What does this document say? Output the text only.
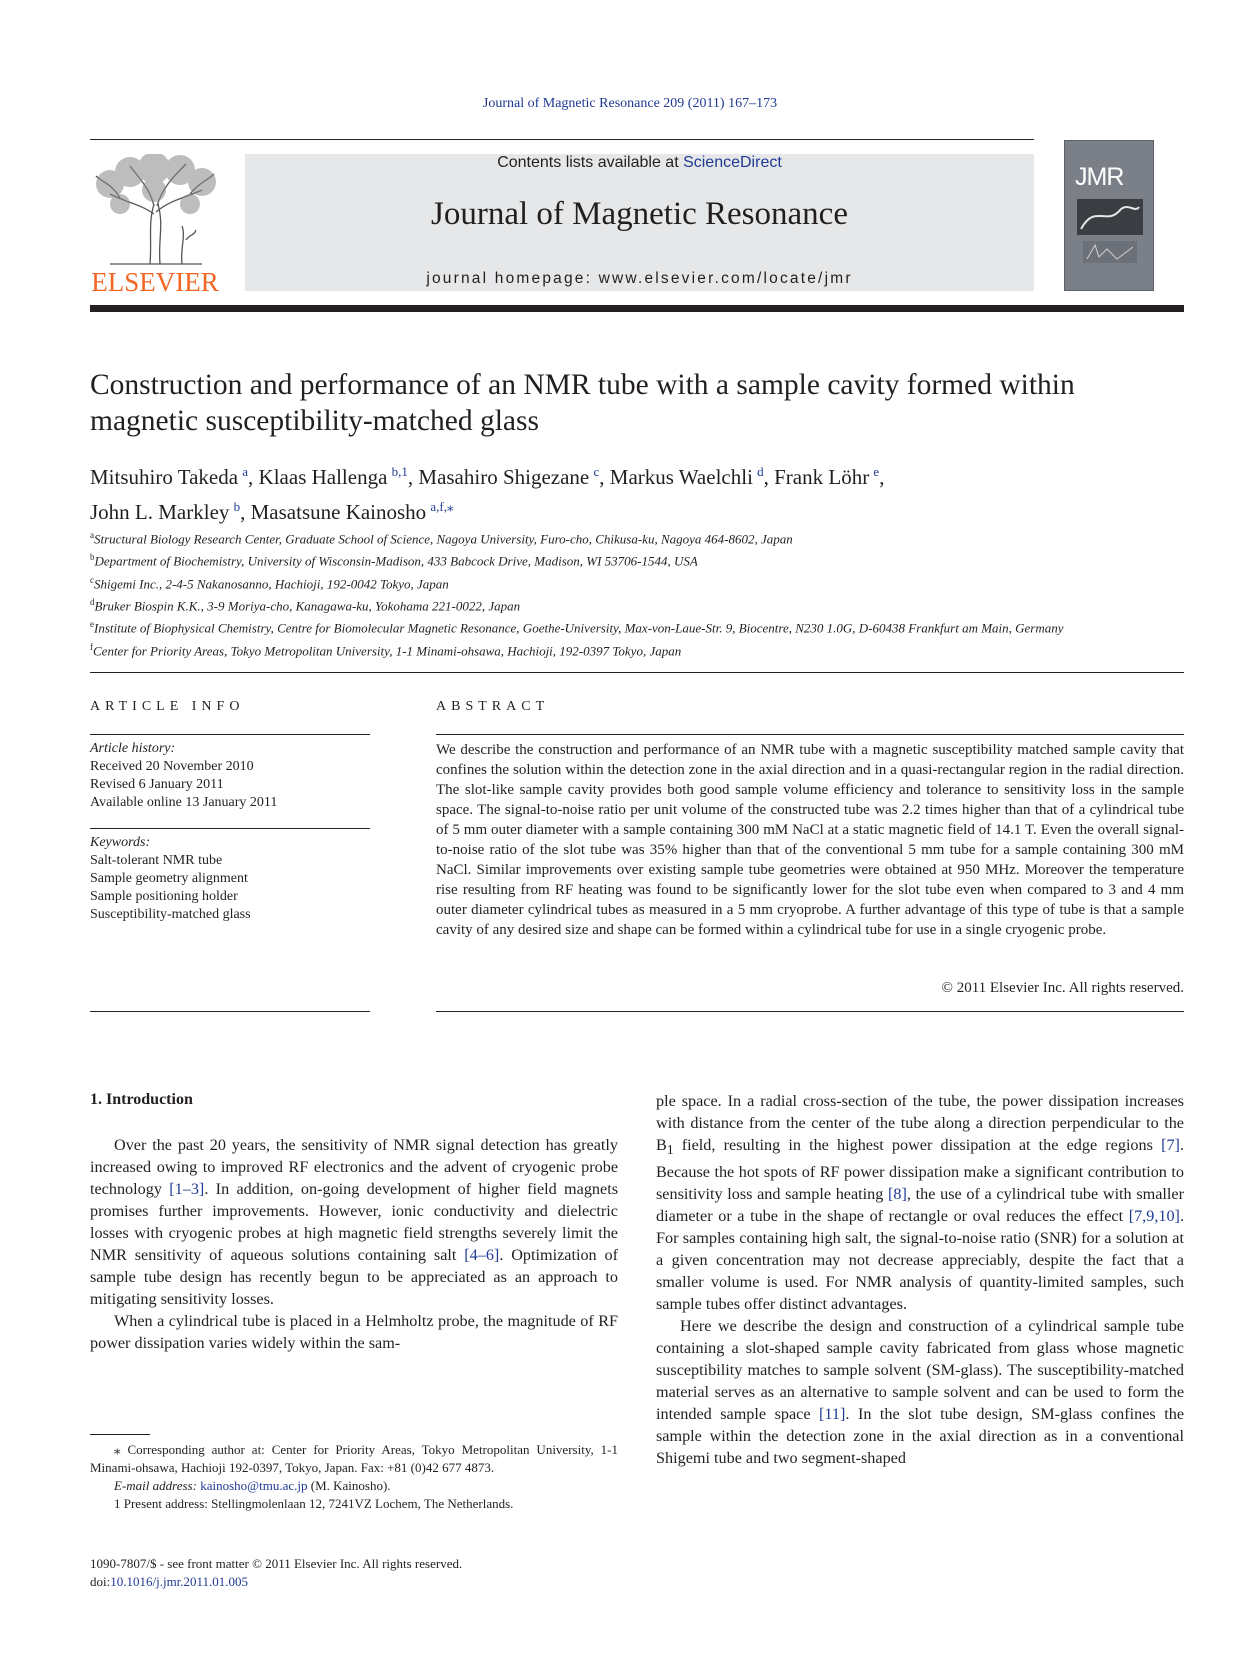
Journal of Magnetic Resonance 209 (2011) 167–173
ELSEVIER
Contents lists available at ScienceDirect
Journal of Magnetic Resonance
journal homepage: www.elsevier.com/locate/jmr
JMR
Construction and performance of an NMR tube with a sample cavity formed within magnetic susceptibility-matched glass
Mitsuhiro Takeda  $^a$, Klaas Hallenga  $^{b,1}$, Masahiro Shigezane  $^c$, Markus Waelchli  $^d$, Frank Löhr  $^e$,
John L. Markley  $^b$, Masatsune Kainosho  $^{a,f,⁎}$
$^a$Structural Biology Research Center, Graduate School of Science, Nagoya University, Furo-cho, Chikusa-ku, Nagoya 464-8602, Japan
$^b$Department of Biochemistry, University of Wisconsin-Madison, 433 Babcock Drive, Madison, WI 53706-1544, USA
$^c$Shigemi Inc., 2-4-5 Nakanosanno, Hachioji, 192-0042 Tokyo, Japan
$^d$Bruker Biospin K.K., 3-9 Moriya-cho, Kanagawa-ku, Yokohama 221-0022, Japan
$^e$Institute of Biophysical Chemistry, Centre for Biomolecular Magnetic Resonance, Goethe-University, Max-von-Laue-Str. 9, Biocentre, N230 1.0G, D-60438 Frankfurt am Main, Germany
$^f$Center for Priority Areas, Tokyo Metropolitan University, 1-1 Minami-ohsawa, Hachioji, 192-0397 Tokyo, Japan
ARTICLE INFO
Article history:
Received 20 November 2010
Revised 6 January 2011
Available online 13 January 2011
Keywords:
Salt-tolerant NMR tube
Sample geometry alignment
Sample positioning holder
Susceptibility-matched glass
ABSTRACT
We describe the construction and performance of an NMR tube with a magnetic susceptibility matched sample cavity that confines the solution within the detection zone in the axial direction and in a quasi-rectangular region in the radial direction. The slot-like sample cavity provides both good sample volume efficiency and tolerance to sensitivity loss in the sample space. The signal-to-noise ratio per unit volume of the constructed tube was 2.2 times higher than that of a cylindrical tube of 5 mm outer diameter with a sample containing 300 mM NaCl at a static magnetic field of 14.1 T. Even the overall signal-to-noise ratio of the slot tube was 35% higher than that of the conventional 5 mm tube for a sample containing 300 mM NaCl. Similar improvements over existing sample tube geometries were obtained at 950 MHz. Moreover the temperature rise resulting from RF heating was found to be significantly lower for the slot tube even when compared to 3 and 4 mm outer diameter cylindrical tubes as measured in a 5 mm cryoprobe. A further advantage of this type of tube is that a sample cavity of any desired size and shape can be formed within a cylindrical tube for use in a single cryogenic probe.
© 2011 Elsevier Inc. All rights reserved.
1. Introduction

Over the past 20 years, the sensitivity of NMR signal detection has greatly increased owing to improved RF electronics and the advent of cryogenic probe technology [1–3]. In addition, on-going development of higher field magnets promises further improvements. However, ionic conductivity and dielectric losses with cryogenic probes at high magnetic field strengths severely limit the NMR sensitivity of aqueous solutions containing salt [4–6]. Optimization of sample tube design has recently begun to be appreciated as an approach to mitigating sensitivity losses.

When a cylindrical tube is placed in a Helmholtz probe, the magnitude of RF power dissipation varies widely within the sam-

ple space. In a radial cross-section of the tube, the power dissipation increases with distance from the center of the tube along a direction perpendicular to the $B_1$ field, resulting in the highest power dissipation at the edge regions [7]. Because the hot spots of RF power dissipation make a significant contribution to sensitivity loss and sample heating [8], the use of a cylindrical tube with smaller diameter or a tube in the shape of rectangle or oval reduces the effect [7,9,10]. For samples containing high salt, the signal-to-noise ratio (SNR) for a solution at a given concentration may not decrease appreciably, despite the fact that a smaller volume is used. For NMR analysis of quantity-limited samples, such sample tubes offer distinct advantages.

Here we describe the design and construction of a cylindrical sample tube containing a slot-shaped sample cavity fabricated from glass whose magnetic susceptibility matches to sample solvent (SM-glass). The susceptibility-matched material serves as an alternative to sample solvent and can be used to form the intended sample space [11]. In the slot tube design, SM-glass confines the sample within the detection zone in the axial direction as in a conventional Shigemi tube and two segment-shaped

⁎ Corresponding author at: Center for Priority Areas, Tokyo Metropolitan University, 1-1 Minami-ohsawa, Hachioji 192-0397, Tokyo, Japan. Fax: +81 (0)42 677 4873.

E-mail address: kainosho@tmu.ac.jp (M. Kainosho).

1 Present address: Stellingmolenlaan 12, 7241VZ Lochem, The Netherlands.

1090-7807/$ - see front matter © 2011 Elsevier Inc. All rights reserved.
doi:10.1016/j.jmr.2011.01.005
